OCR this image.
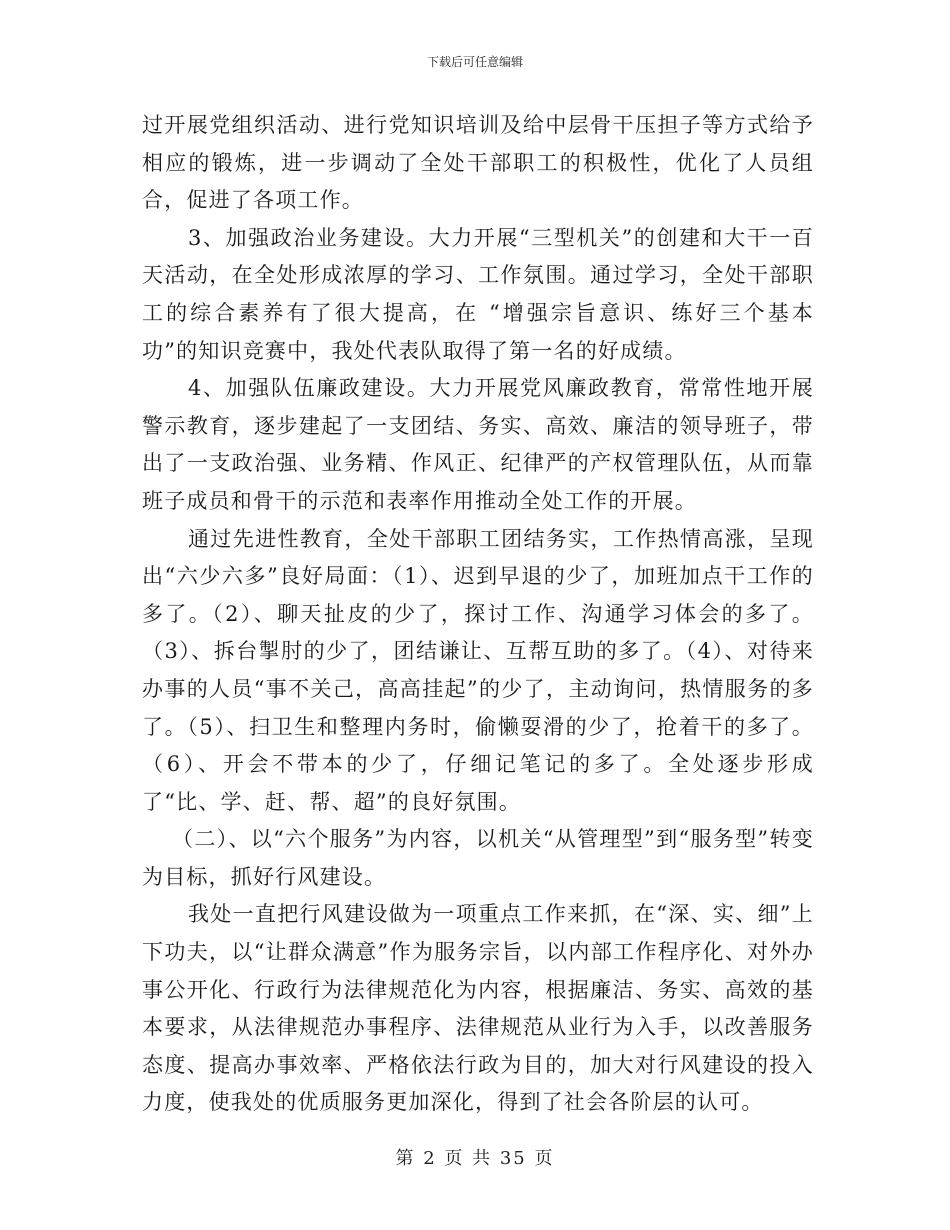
下载后可任意编辑

过开展党组织活动、进行党知识培训及给中层骨干压担子等方式给予相应的锻炼，进一步调动了全处干部职工的积极性，优化了人员组合，促进了各项工作。

3、加强政治业务建设。大力开展“三型机关”的创建和大干一百天活动，在全处形成浓厚的学习、工作氛围。通过学习，全处干部职工的综合素养有了很大提高，在 “增强宗旨意识、练好三个基本功”的知识竞赛中，我处代表队取得了第一名的好成绩。

4、加强队伍廉政建设。大力开展党风廉政教育，常常性地开展警示教育，逐步建起了一支团结、务实、高效、廉洁的领导班子，带出了一支政治强、业务精、作风正、纪律严的产权管理队伍，从而靠班子成员和骨干的示范和表率作用推动全处工作的开展。

通过先进性教育，全处干部职工团结务实，工作热情高涨，呈现出“六少六多”良好局面：（1）、迟到早退的少了，加班加点干工作的多了。（2）、聊天扯皮的少了，探讨工作、沟通学习体会的多了。（3）、拆台掣肘的少了，团结谦让、互帮互助的多了。（4）、对待来办事的人员“事不关己，高高挂起”的少了，主动询问，热情服务的多了。（5）、扫卫生和整理内务时，偷懒耍滑的少了，抢着干的多了。（6）、开会不带本的少了，仔细记笔记的多了。全处逐步形成了“比、学、赶、帮、超”的良好氛围。

（二）、以“六个服务”为内容，以机关“从管理型”到“服务型”转变为目标，抓好行风建设。

我处一直把行风建设做为一项重点工作来抓，在“深、实、细”上下功夫，以“让群众满意”作为服务宗旨，以内部工作程序化、对外办事公开化、行政行为法律规范化为内容，根据廉洁、务实、高效的基本要求，从法律规范办事程序、法律规范从业行为入手，以改善服务态度、提高办事效率、严格依法行政为目的，加大对行风建设的投入力度，使我处的优质服务更加深化，得到了社会各阶层的认可。

第 2 页 共 35 页
